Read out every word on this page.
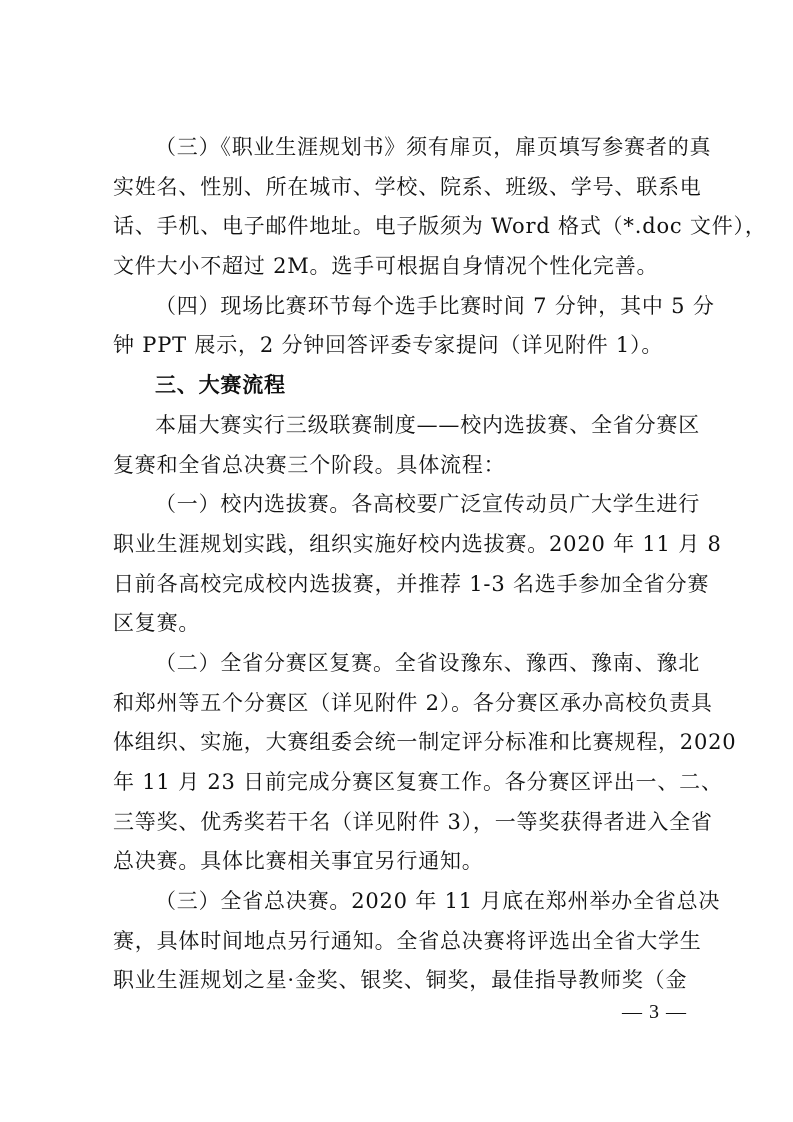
（三）《职业生涯规划书》须有扉页，扉页填写参赛者的真
实姓名、性别、所在城市、学校、院系、班级、学号、联系电
话、手机、电子邮件地址。电子版须为 Word 格式（*.doc 文件），
文件大小不超过 2M。选手可根据自身情况个性化完善。
（四）现场比赛环节每个选手比赛时间 7 分钟，其中 5 分
钟 PPT 展示，2 分钟回答评委专家提问（详见附件 1）。
三、大赛流程
本届大赛实行三级联赛制度——校内选拔赛、全省分赛区
复赛和全省总决赛三个阶段。具体流程：
（一）校内选拔赛。各高校要广泛宣传动员广大学生进行
职业生涯规划实践，组织实施好校内选拔赛。2020 年 11 月 8
日前各高校完成校内选拔赛，并推荐 1-3 名选手参加全省分赛
区复赛。
（二）全省分赛区复赛。全省设豫东、豫西、豫南、豫北
和郑州等五个分赛区（详见附件 2）。各分赛区承办高校负责具
体组织、实施，大赛组委会统一制定评分标准和比赛规程，2020
年 11 月 23 日前完成分赛区复赛工作。各分赛区评出一、二、
三等奖、优秀奖若干名（详见附件 3），一等奖获得者进入全省
总决赛。具体比赛相关事宜另行通知。
（三）全省总决赛。2020 年 11 月底在郑州举办全省总决
赛，具体时间地点另行通知。全省总决赛将评选出全省大学生
职业生涯规划之星·金奖、银奖、铜奖，最佳指导教师奖（金
— 3 —
